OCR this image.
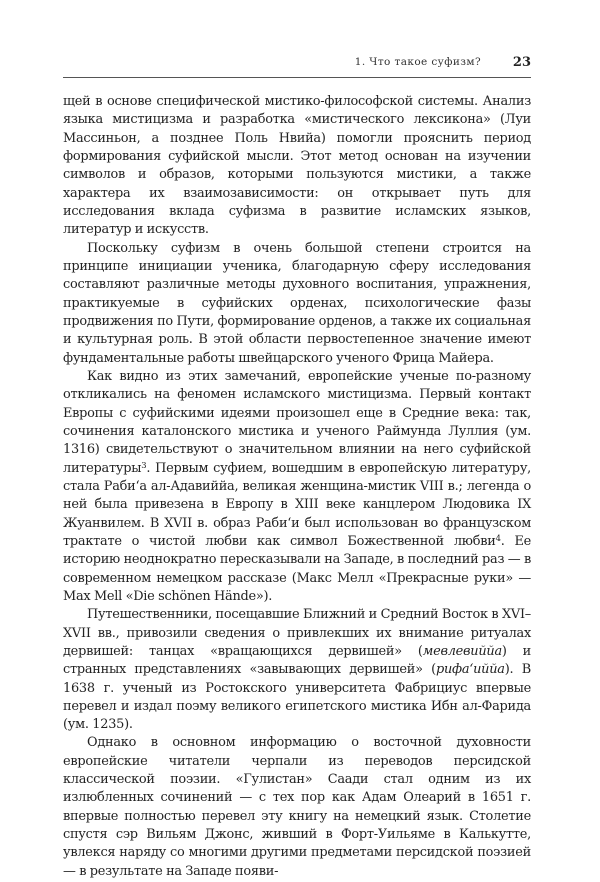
1. Что такое суфизм? 23

щей в основе специфической мистико-философской системы. Анализ языка мистицизма и разработка «мистического лексикона» (Луи Массиньон, а позднее Поль Нвийа) помогли прояснить период формирования суфийской мысли. Этот метод основан на изучении символов и образов, которыми пользуются мистики, а также характера их взаимозависимости: он открывает путь для исследования вклада суфизма в развитие исламских языков, литератур и искусств.

Поскольку суфизм в очень большой степени строится на принципе инициации ученика, благодарную сферу исследования составляют различные методы духовного воспитания, упражнения, практикуемые в суфийских орденах, психологические фазы продвижения по Пути, формирование орденов, а также их социальная и культурная роль. В этой области первостепенное значение имеют фундаментальные работы швейцарского ученого Фрица Майера.

Как видно из этих замечаний, европейские ученые по-разному откликались на феномен исламского мистицизма. Первый контакт Европы с суфийскими идеями произошел еще в Средние века: так, сочинения каталонского мистика и ученого Раймунда Луллия (ум. 1316) свидетельствуют о значительном влиянии на него суфийской литературы$^3$. Первым суфием, вошедшим в европейскую литературу, стала Раби‘а ал-Адавиййа, великая женщина-мистик VIII в.; легенда о ней была привезена в Европу в XIII веке канцлером Людовика IX Жуанвилем. В XVII в. образ Раби‘и был использован во французском трактате о чистой любви как символ Божественной любви$^4$. Ее историю неоднократно пересказывали на Западе, в последний раз — в современном немецком рассказе (Макс Мелл «Прекрасные руки» — Max Mell «Die schönen Hände»).

Путешественники, посещавшие Ближний и Средний Восток в XVI–XVII вв., привозили сведения о привлекших их внимание ритуалах дервишей: танцах «вращающихся дервишей» (мевлевиййа) и странных представлениях «завывающих дервишей» (рифа‘иййа). В 1638 г. ученый из Ростокского университета Фабрициус впервые перевел и издал поэму великого египетского мистика Ибн ал-Фарида (ум. 1235).

Однако в основном информацию о восточной духовности европейские читатели черпали из переводов персидской классической поэзии. «Гулистан» Саади стал одним из их излюбленных сочинений — с тех пор как Адам Олеарий в 1651 г. впервые полностью перевел эту книгу на немецкий язык. Столетие спустя сэр Вильям Джонс, живший в Форт-Уильяме в Калькутте, увлекся наряду со многими другими предметами персидской поэзией — в результате на Западе появи-
